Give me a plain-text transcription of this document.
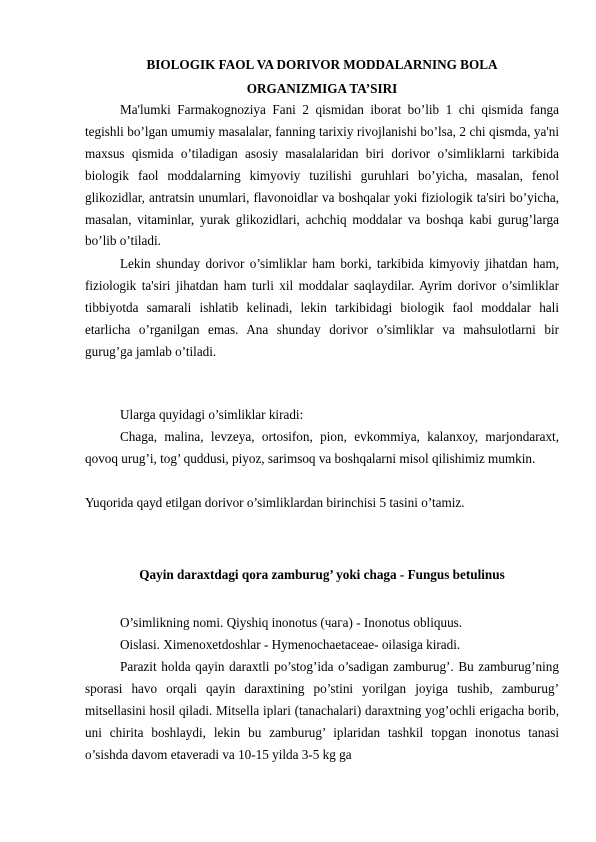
BIOLOGIK FAOL VA DORIVOR MODDALARNING BOLA
ORGANIZMIGA TA’SIRI
Ma'lumki Farmakognoziya Fani 2 qismidan iborat bo’lib 1 chi qismida fanga tegishli bo’lgan umumiy masalalar, fanning tarixiy rivojlanishi bo’lsa, 2 chi qismda, ya'ni maxsus qismida o’tiladigan asosiy masalalaridan biri dorivor o’simliklarni tarkibida biologik faol moddalarning kimyoviy tuzilishi guruhlari bo’yicha, masalan, fenol glikozidlar, antratsin unumlari, flavonoidlar va boshqalar yoki fiziologik ta'siri bo’yicha, masalan, vitaminlar, yurak glikozidlari, achchiq moddalar va boshqa kabi gurug’larga bo’lib o’tiladi.
Lekin shunday dorivor o’simliklar ham borki, tarkibida kimyoviy jihatdan ham, fiziologik ta'siri jihatdan ham turli xil moddalar saqlaydilar. Ayrim dorivor o’simliklar tibbiyotda samarali ishlatib kelinadi, lekin tarkibidagi biologik faol moddalar hali etarlicha o’rganilgan emas. Ana shunday dorivor o’simliklar va mahsulotlarni bir gurug’ga jamlab o’tiladi.
Ularga quyidagi o’simliklar kiradi:
Chaga, malina, levzeya, ortosifon, pion, evkommiya, kalanxoy, marjondaraxt, qovoq urug’i, tog’ quddusi, piyoz, sarimsoq va boshqalarni misol qilishimiz mumkin.
Yuqorida qayd etilgan dorivor o’simliklardan birinchisi 5 tasini o’tamiz.
Qayin daraxtdagi qora zamburug’ yoki chaga - Fungus betulinus
O’simlikning nomi. Qiyshiq inonotus (чага) - Inonotus obliquus.
Oislasi. Ximenoxetdoshlar - Hymenochaetaceae- oilasiga kiradi.
Parazit holda qayin daraxtli po’stog’ida o’sadigan zamburug’. Bu zamburug’ning sporasi havo orqali qayin daraxtining po’stini yorilgan joyiga tushib, zamburug’ mitsellasini hosil qiladi. Mitsella iplari (tanachalari) daraxtning yog’ochli erigacha borib, uni chirita boshlaydi, lekin bu zamburug’ iplaridan tashkil topgan inonotus tanasi o’sishda davom etaveradi va 10-15 yilda 3-5 kg ga
